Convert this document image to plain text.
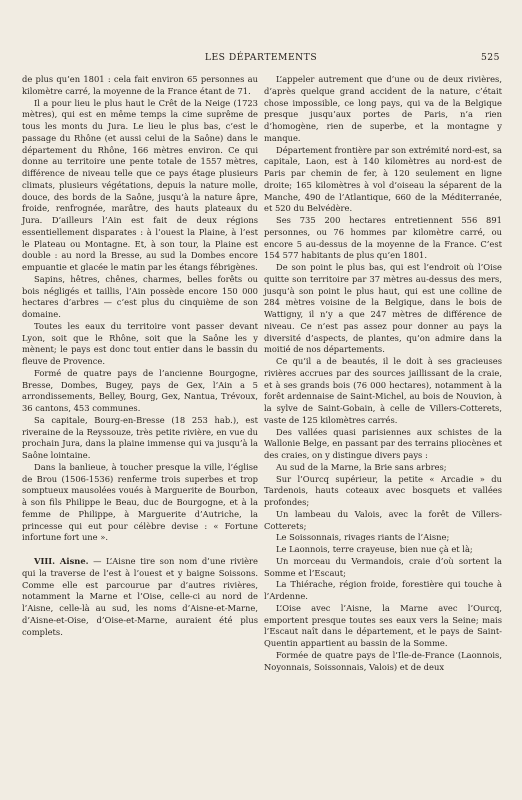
LES DÉPARTEMENTS	525

de plus qu’en 1801 : cela fait environ 65 personnes au kilomètre carré, la moyenne de la France étant de 71.

Il a pour lieu le plus haut le Crêt de la Neige (1723 mètres), qui est en même temps la cime suprême de tous les monts du Jura. Le lieu le plus bas, c’est le passage du Rhône (et aussi celui de la Saône) dans le département du Rhône, 166 mètres environ. Ce qui donne au territoire une pente totale de 1557 mètres, différence de niveau telle que ce pays étage plusieurs climats, plusieurs végétations, depuis la nature molle, douce, des bords de la Saône, jusqu’à la nature âpre, froide, renfrognée, marâtre, des hauts plateaux du Jura. D’ailleurs l’Ain est fait de deux régions essentiellement disparates : à l’ouest la Plaine, à l’est le Plateau ou Montagne. Et, à son tour, la Plaine est double : au nord la Bresse, au sud la Dombes encore empuantie et glacée le matin par les étangs fébrigènes.

Sapins, hêtres, chênes, charmes, belles forêts ou bois négligés et taillis, l’Ain possède encore 150 000 hectares d’arbres — c’est plus du cinquième de son domaine.

Toutes les eaux du territoire vont passer devant Lyon, soit que le Rhône, soit que la Saône les y mènent; le pays est donc tout entier dans le bassin du fleuve de Provence.

Formé de quatre pays de l’ancienne Bourgogne, Bresse, Dombes, Bugey, pays de Gex, l’Ain a 5 arrondissements, Belley, Bourg, Gex, Nantua, Trévoux, 36 cantons, 453 communes.

Sa capitale, Bourg-en-Bresse (18 253 hab.), est riveraine de la Reyssouze, très petite rivière, en vue du prochain Jura, dans la plaine immense qui va jusqu’à la Saône lointaine.

Dans la banlieue, à toucher presque la ville, l’église de Brou (1506-1536) renferme trois superbes et trop somptueux mausolées voués à Marguerite de Bourbon, à son fils Philippe le Beau, duc de Bourgogne, et à la femme de Philippe, à Marguerite d’Autriche, la princesse qui eut pour célèbre devise : « Fortune infortune fort une ».

VIII. Aisne. — L’Aisne tire son nom d’une rivière qui la traverse de l’est à l’ouest et y baigne Soissons. Comme elle est parcourue par d’autres rivières, notamment la Marne et l’Oise, celle-ci au nord de l’Aisne, celle-là au sud, les noms d’Aisne-et-Marne, d’Aisne-et-Oise, d’Oise-et-Marne, auraient été plus complets.

L’appeler autrement que d’une ou de deux rivières, d’après quelque grand accident de la nature, c’était chose impossible, ce long pays, qui va de la Belgique presque jusqu’aux portes de Paris, n’a rien d’homogène, rien de superbe, et la montagne y manque.

Département frontière par son extrémité nord-est, sa capitale, Laon, est à 140 kilomètres au nord-est de Paris par chemin de fer, à 120 seulement en ligne droite; 165 kilomètres à vol d’oiseau la séparent de la Manche, 490 de l’Atlantique, 660 de la Méditerranée, et 520 du Belvédère.

Ses 735 200 hectares entretiennent 556 891 personnes, ou 76 hommes par kilomètre carré, ou encore 5 au-dessus de la moyenne de la France. C’est 154 577 habitants de plus qu’en 1801.

De son point le plus bas, qui est l’endroit où l’Oise quitte son territoire par 37 mètres au-dessus des mers, jusqu’à son point le plus haut, qui est une colline de 284 mètres voisine de la Belgique, dans le bois de Wattigny, il n’y a que 247 mètres de différence de niveau. Ce n’est pas assez pour donner au pays la diversité d’aspects, de plantes, qu’on admire dans la moitié de nos départements.

Ce qu’il a de beautés, il le doit à ses gracieuses rivières accrues par des sources jaillissant de la craie, et à ses grands bois (76 000 hectares), notamment à la forêt ardennaise de Saint-Michel, au bois de Nouvion, à la sylve de Saint-Gobain, à celle de Villers-Cotterets, vaste de 125 kilomètres carrés.

Des vallées quasi parisiennes aux schistes de la Wallonie Belge, en passant par des terrains pliocènes et des craies, on y distingue divers pays :

Au sud de la Marne, la Brie sans arbres;

Sur l’Ourcq supérieur, la petite « Arcadie » du Tardenois, hauts coteaux avec bosquets et vallées profondes;

Un lambeau du Valois, avec la forêt de Villers-Cotterets;

Le Soissonnais, rivages riants de l’Aisne;

Le Laonnois, terre crayeuse, bien nue çà et là;

Un morceau du Vermandois, craie d’où sortent la Somme et l’Escaut;

La Thiérache, région froide, forestière qui touche à l’Ardenne.

L’Oise avec l’Aisne, la Marne avec l’Ourcq, emportent presque toutes ses eaux vers la Seine; mais l’Escaut naît dans le département, et le pays de Saint-Quentin appartient au bassin de la Somme.

Formée de quatre pays de l’Ile-de-France (Laonnois, Noyonnais, Soissonnais, Valois) et de deux
